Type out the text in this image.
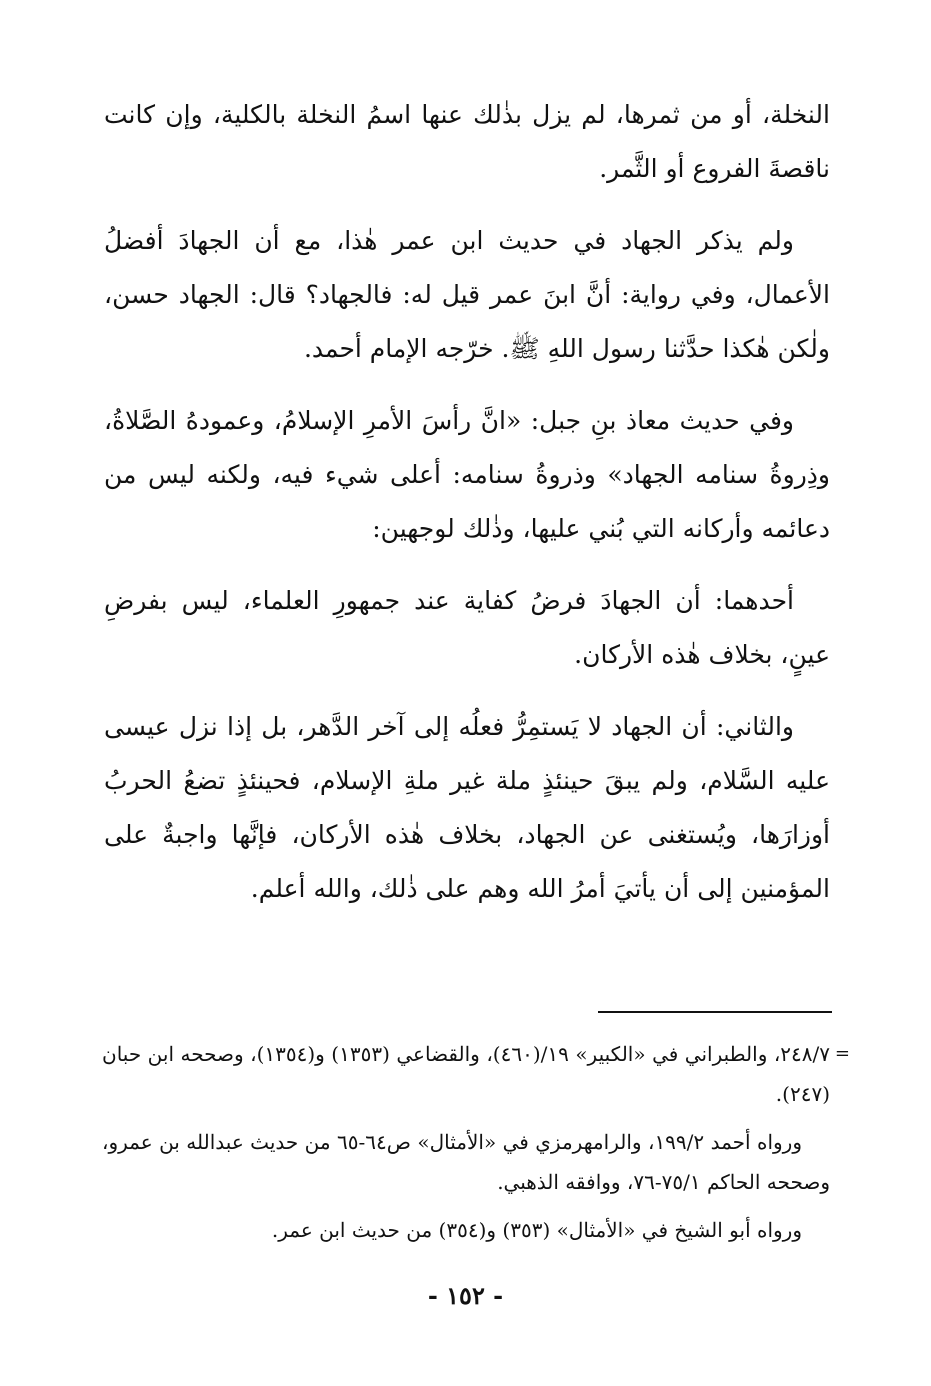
النخلة، أو من ثمرها، لم يزل بذٰلك عنها اسمُ النخلة بالكلية، وإن كانت ناقصةَ الفروع أو الثَّمر.

ولم يذكر الجهاد في حديث ابن عمر هٰذا، مع أن الجهادَ أفضلُ الأعمال، وفي رواية: أنَّ ابنَ عمر قيل له: فالجهاد؟ قال: الجهاد حسن، ولٰكن هٰكذا حدَّثنا رسول اللهِ ﷺ. خرّجه الإمام أحمد.

وفي حديث معاذ بنِ جبل: «انَّ رأسَ الأمرِ الإسلامُ، وعمودهُ الصَّلاةُ، وذِروةُ سنامه الجهاد» وذروةُ سنامه: أعلى شيء فيه، ولكنه ليس من دعائمه وأركانه التي بُني عليها، وذٰلك لوجهين:

أحدهما: أن الجهادَ فرضُ كفاية عند جمهورِ العلماء، ليس بفرضِ عينٍ، بخلاف هٰذه الأركان.

والثاني: أن الجهاد لا يَستمِرُّ فعلُه إلى آخر الدَّهر، بل إذا نزل عيسى عليه السَّلام، ولم يبقَ حينئذٍ ملة غير ملةِ الإسلام، فحينئذٍ تضعُ الحربُ أوزارَها، ويُستغنى عن الجهاد، بخلاف هٰذه الأركان، فإنَّها واجبةٌ على المؤمنين إلى أن يأتيَ أمرُ الله وهم على ذٰلك، والله أعلم.

=
٢٤٨/٧، والطبراني في «الكبير» ١٩/(٤٦٠)، والقضاعي (١٣٥٣) و(١٣٥٤)، وصححه ابن حبان (٢٤٧).

ورواه أحمد ١٩٩/٢، والرامهرمزي في «الأمثال» ص٦٤-٦٥ من حديث عبدالله بن عمرو، وصححه الحاكم ٧٥/١-٧٦، ووافقه الذهبي.

ورواه أبو الشيخ في «الأمثال» (٣٥٣) و(٣٥٤) من حديث ابن عمر.

- ١٥٢ -
